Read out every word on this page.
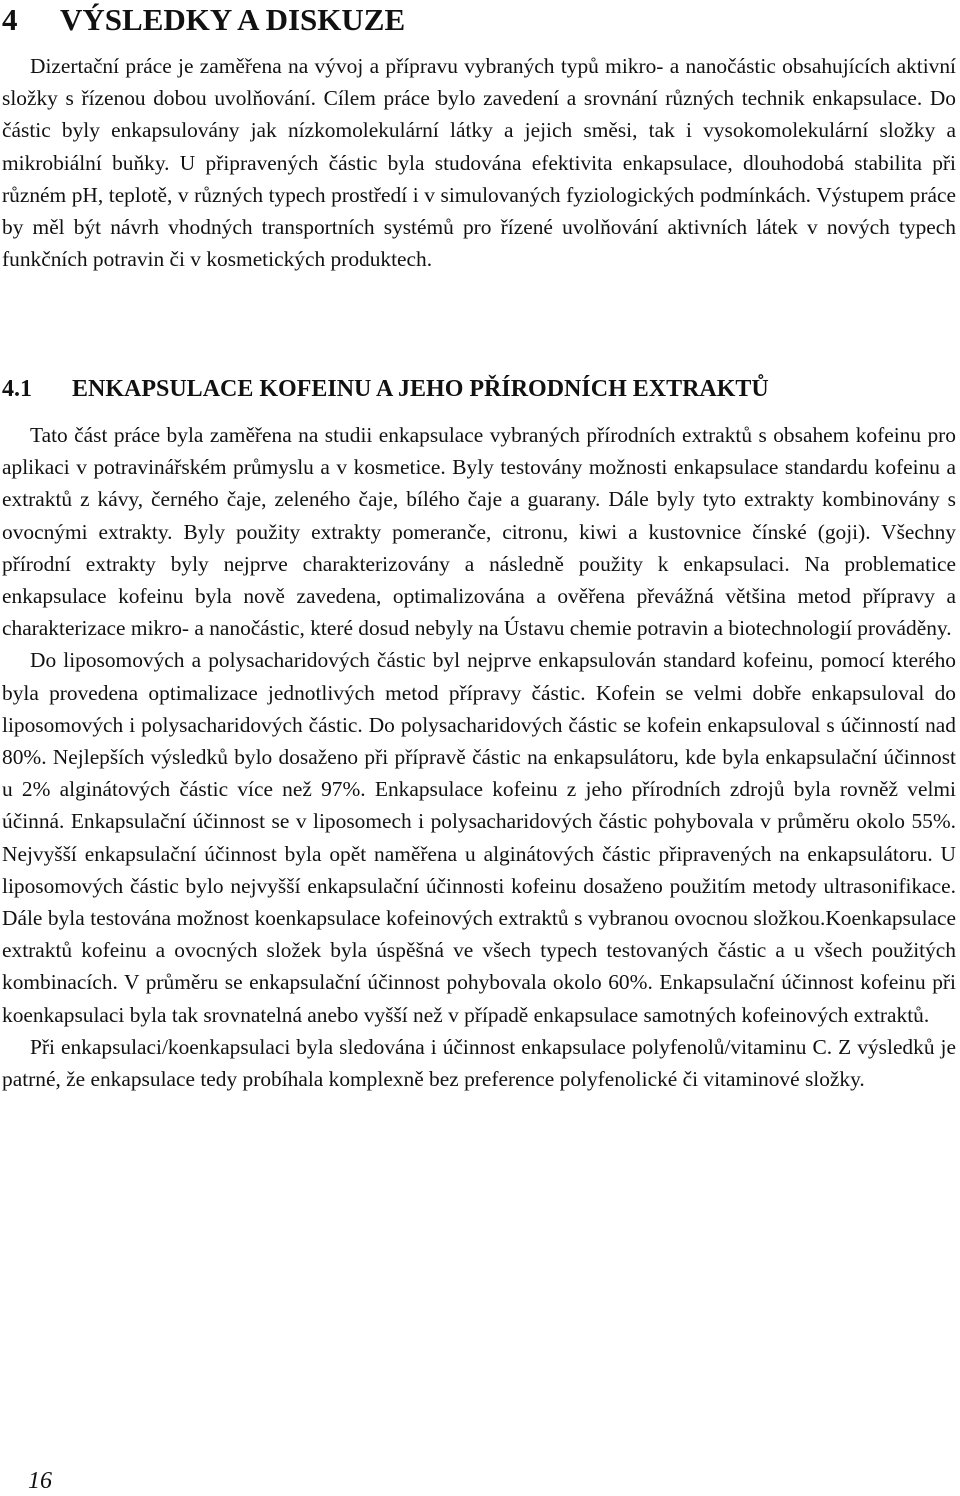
4 VÝSLEDKY A DISKUZE

Dizertační práce je zaměřena na vývoj a přípravu vybraných typů mikro- a nanočástic obsahujících aktivní složky s řízenou dobou uvolňování. Cílem práce bylo zavedení a srovnání různých technik enkapsulace. Do částic byly enkapsulovány jak nízkomolekulární látky a jejich směsi, tak i vysokomolekulární složky a mikrobiální buňky. U připravených částic byla studována efektivita enkapsulace, dlouhodobá stabilita při různém pH, teplotě, v různých typech prostředí i v simulovaných fyziologických podmínkách. Výstupem práce by měl být návrh vhodných transportních systémů pro řízené uvolňování aktivních látek v nových typech funkčních potravin či v kosmetických produktech.

4.1 ENKAPSULACE KOFEINU A JEHO PŘÍRODNÍCH EXTRAKTŮ

Tato část práce byla zaměřena na studii enkapsulace vybraných přírodních extraktů s obsahem kofeinu pro aplikaci v potravinářském průmyslu a v kosmetice. Byly testovány možnosti enkapsulace standardu kofeinu a extraktů z kávy, černého čaje, zeleného čaje, bílého čaje a guarany. Dále byly tyto extrakty kombinovány s ovocnými extrakty. Byly použity extrakty pomeranče, citronu, kiwi a kustovnice čínské (goji). Všechny přírodní extrakty byly nejprve charakterizovány a následně použity k enkapsulaci. Na problematice enkapsulace kofeinu byla nově zavedena, optimalizována a ověřena převážná většina metod přípravy a charakterizace mikro- a nanočástic, které dosud nebyly na Ústavu chemie potravin a biotechnologií prováděny.

Do liposomových a polysacharidových částic byl nejprve enkapsulován standard kofeinu, pomocí kterého byla provedena optimalizace jednotlivých metod přípravy částic. Kofein se velmi dobře enkapsuloval do liposomových i polysacharidových částic. Do polysacharidových částic se kofein enkapsuloval s účinností nad 80%. Nejlepších výsledků bylo dosaženo při přípravě částic na enkapsulátoru, kde byla enkapsulační účinnost u 2% alginátových částic více než 97%. Enkapsulace kofeinu z jeho přírodních zdrojů byla rovněž velmi účinná. Enkapsulační účinnost se v liposomech i polysacharidových částic pohybovala v průměru okolo 55%. Nejvyšší enkapsulační účinnost byla opět naměřena u alginátových částic připravených na enkapsulátoru. U liposomových částic bylo nejvyšší enkapsulační účinnosti kofeinu dosaženo použitím metody ultrasonifikace. Dále byla testována možnost koenkapsulace kofeinových extraktů s vybranou ovocnou složkou.Koenkapsulace extraktů kofeinu a ovocných složek byla úspěšná ve všech typech testovaných částic a u všech použitých kombinacích. V průměru se enkapsulační účinnost pohybovala okolo 60%. Enkapsulační účinnost kofeinu při koenkapsulaci byla tak srovnatelná anebo vyšší než v případě enkapsulace samotných kofeinových extraktů.

Při enkapsulaci/koenkapsulaci byla sledována i účinnost enkapsulace polyfenolů/vitaminu C. Z výsledků je patrné, že enkapsulace tedy probíhala komplexně bez preference polyfenolické či vitaminové složky.

16
